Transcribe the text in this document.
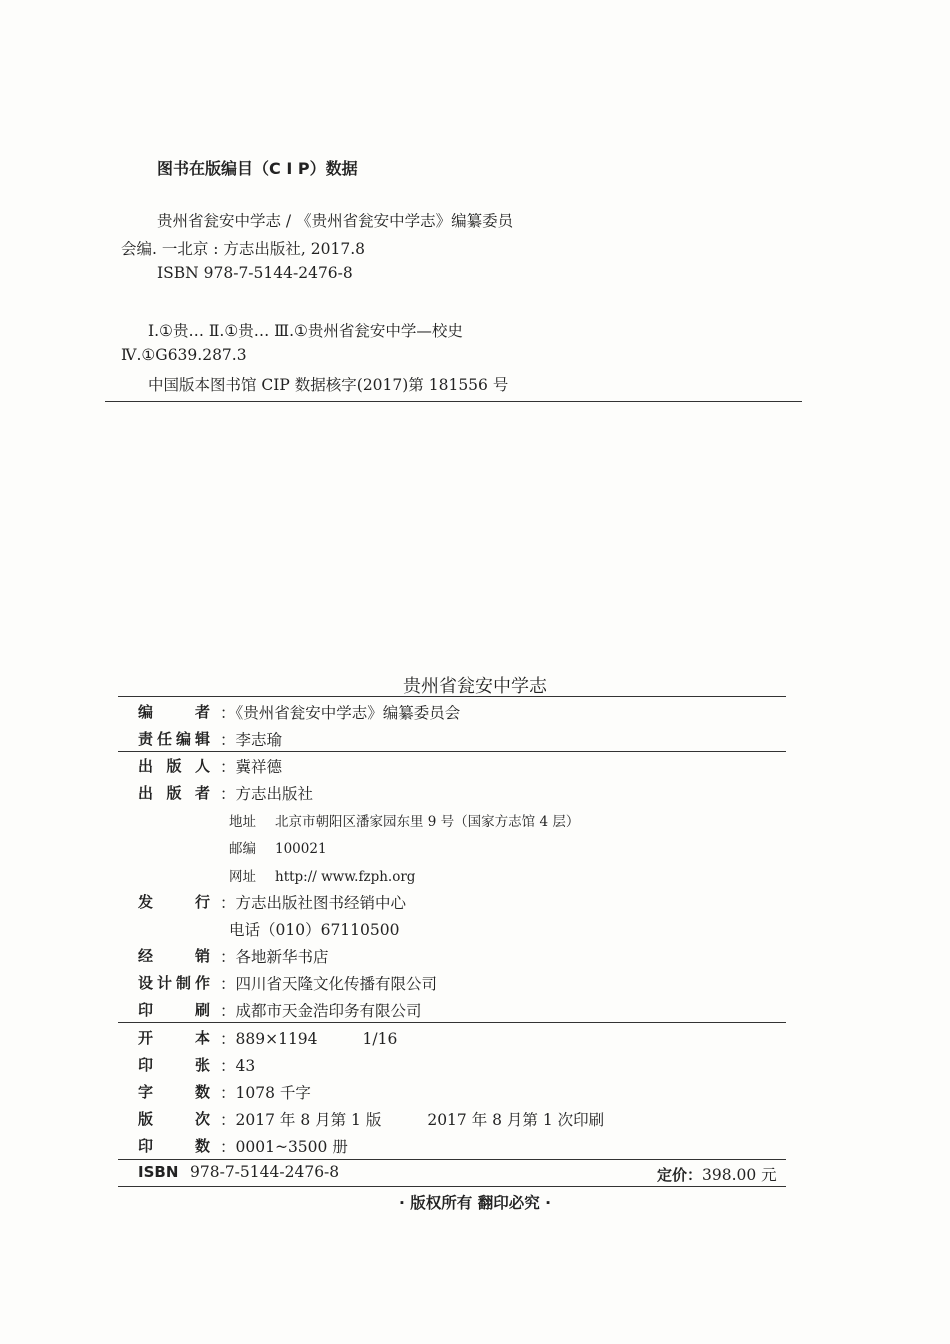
图书在版编目（C I P）数据
贵州省瓮安中学志 / 《贵州省瓮安中学志》编纂委员
会编. 一北京 : 方志出版社, 2017.8
ISBN 978-7-5144-2476-8
Ⅰ.①贵… Ⅱ.①贵… Ⅲ.①贵州省瓮安中学—校史
Ⅳ.①G639.287.3
中国版本图书馆 CIP 数据核字(2017)第 181556 号
贵州省瓮安中学志
编	者 ：《贵州省瓮安中学志》编纂委员会
责 任 编 辑 ：李志瑜
出 版 人 ：冀祥德
出 版 者 ：方志出版社
地址 北京市朝阳区潘家园东里 9 号（国家方志馆 4 层）
邮编 100021
网址 http:// www.fzph.org
发	行 ：方志出版社图书经销中心
电话（010）67110500
经	销 ：各地新华书店
设 计 制 作 ：四川省天隆文化传播有限公司
印	刷 ：成都市天金浩印务有限公司
开	本 ：889×1194	1/16
印	张 ：43
字	数 ：1078 千字
版	次 ：2017 年 8 月第 1 版	2017 年 8 月第 1 次印刷
印	数 ：0001~3500 册
ISBN 978-7-5144-2476-8	定价：398.00 元
· 版权所有 翻印必究 ·
